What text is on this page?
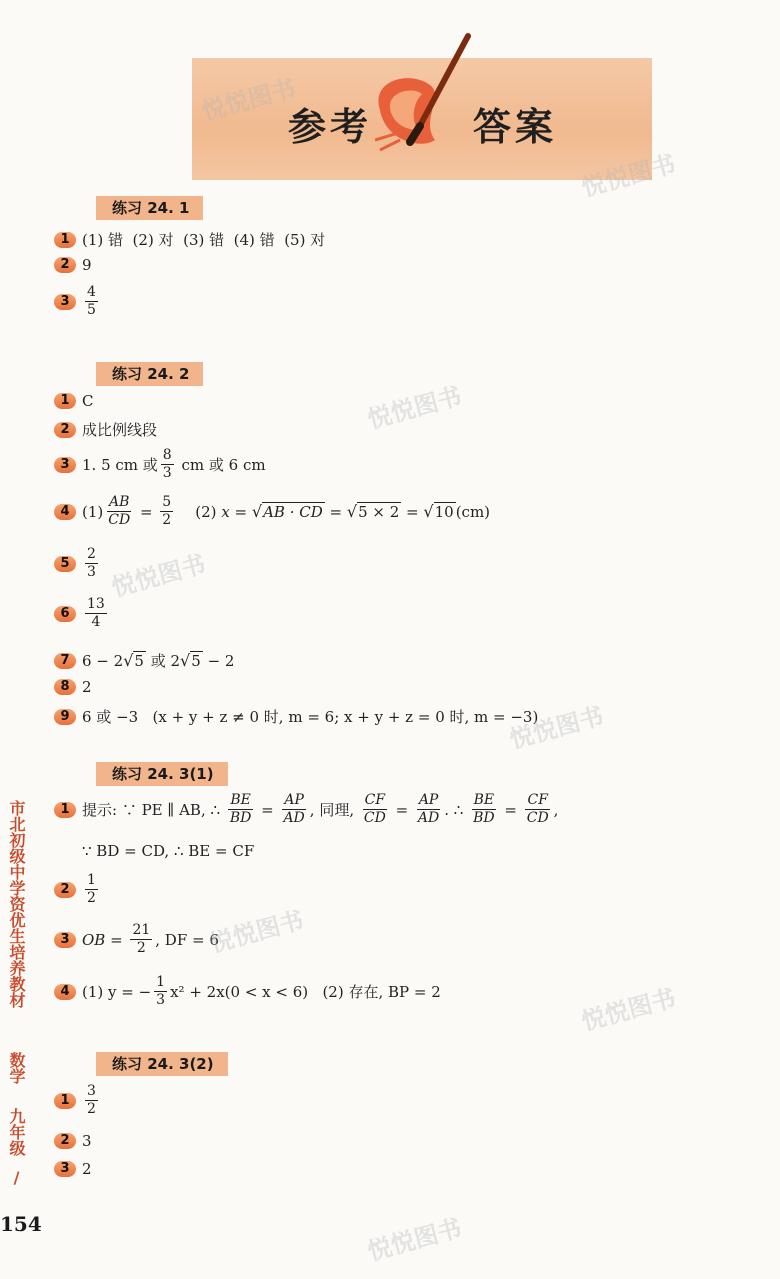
参考	答案
练习 24. 1
1 (1) 错  (2) 对  (3) 错  (4) 错  (5) 对
2 9
3	$\frac{4}{5}$
练习 24. 2
1 C
2 成比例线段
3 1. 5 cm 或 $\frac{8}{3}$ cm 或 6 cm
4 $(1) \frac{AB}{CD} = \frac{5}{2} (2) x$ = √ AB · CD = √ 5 × 2 = √ 10 (cm)
5	$\frac{2}{3}$
6	$\frac{13}{4}$
7 6 − 2 √ 5 或 2 √ 5 − 2
8 2
9 6 或 −3   (x + y + z ≠ 0 时, m = 6; x + y + z = 0 时, m = −3)
练习 24. 3(1)
1 提示: ∵ PE ∥ AB, ∴ $\frac{BE}{BD} = \frac{AP}{AD}$ , 同理, $\frac{CF}{CD} = \frac{AP}{AD}$ . ∴ $\frac{BE}{BD} = \frac{CF}{CD}$ ,
∵ BD = CD, ∴ BE = CF
2	$\frac{1}{2}$
3 OB = $\frac{21}{2}$ , DF = 6
4 (1) y = − $\frac{1}{3} x^2 + 2x(0 < x < 6)$   (2) 存在, BP = 2
练习 24. 3(2)
1	$\frac{3}{2}$
2 3
3 2
市北初级中学资优生培养教材
数学
九年级
/
154
悦悦图书
悦悦图书
悦悦图书
悦悦图书
悦悦图书
悦悦图书
悦悦图书
悦悦图书
